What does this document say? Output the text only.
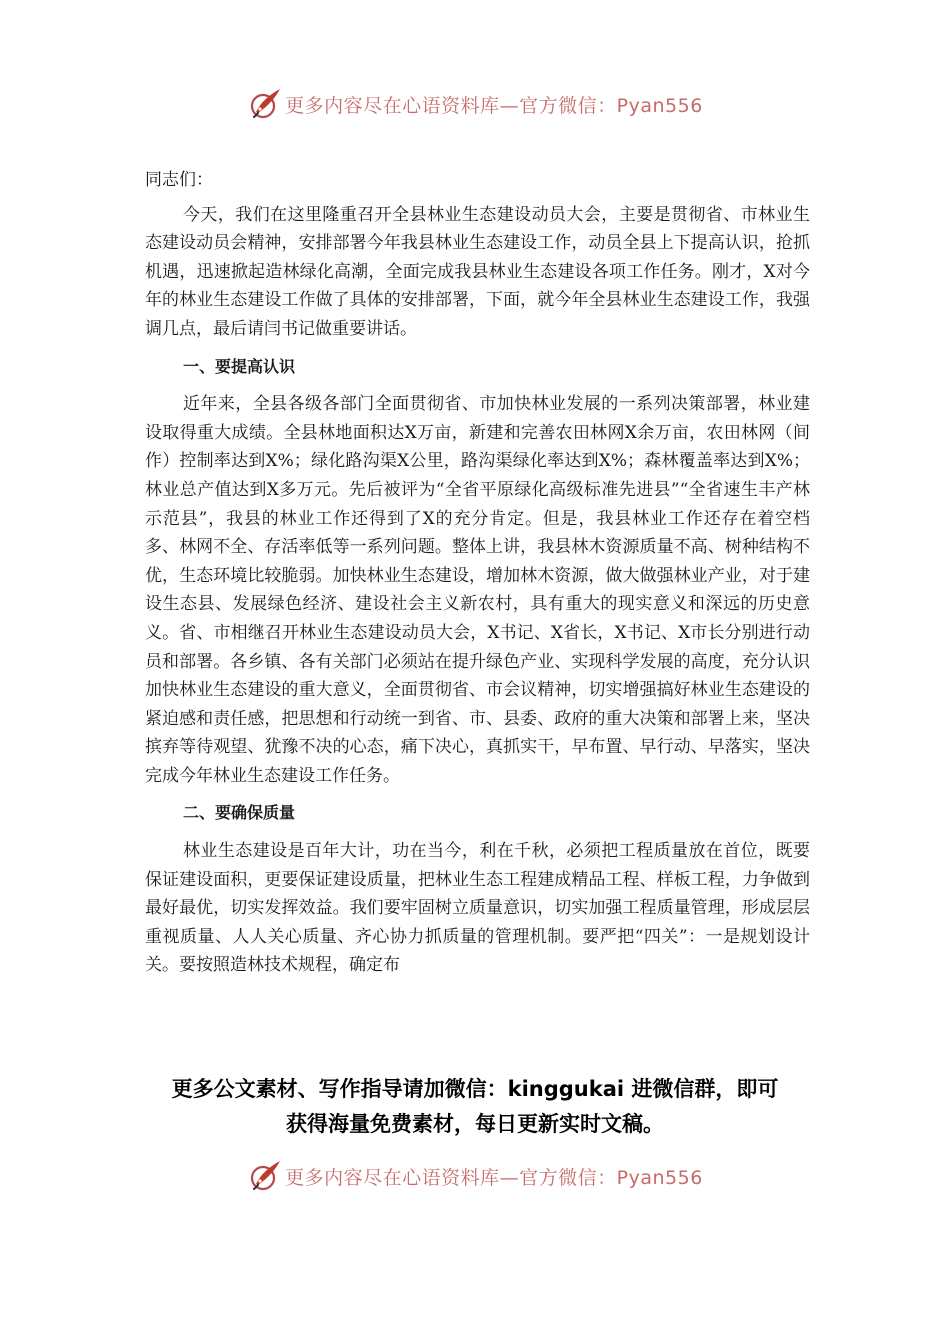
更多内容尽在心语资料库—官方微信：Pyan556

同志们：

今天，我们在这里隆重召开全县林业生态建设动员大会，主要是贯彻省、市林业生态建设动员会精神，安排部署今年我县林业生态建设工作，动员全县上下提高认识，抢抓机遇，迅速掀起造林绿化高潮，全面完成我县林业生态建设各项工作任务。刚才，X对今年的林业生态建设工作做了具体的安排部署，下面，就今年全县林业生态建设工作，我强调几点，最后请闫书记做重要讲话。

一、要提高认识

近年来，全县各级各部门全面贯彻省、市加快林业发展的一系列决策部署，林业建设取得重大成绩。全县林地面积达X万亩，新建和完善农田林网X余万亩，农田林网（间作）控制率达到X%；绿化路沟渠X公里，路沟渠绿化率达到X%；森林覆盖率达到X%；林业总产值达到X多万元。先后被评为“全省平原绿化高级标准先进县”“全省速生丰产林示范县”，我县的林业工作还得到了X的充分肯定。但是，我县林业工作还存在着空档多、林网不全、存活率低等一系列问题。整体上讲，我县林木资源质量不高、树种结构不优，生态环境比较脆弱。加快林业生态建设，增加林木资源，做大做强林业产业，对于建设生态县、发展绿色经济、建设社会主义新农村，具有重大的现实意义和深远的历史意义。省、市相继召开林业生态建设动员大会，X书记、X省长，X书记、X市长分别进行动员和部署。各乡镇、各有关部门必须站在提升绿色产业、实现科学发展的高度，充分认识加快林业生态建设的重大意义，全面贯彻省、市会议精神，切实增强搞好林业生态建设的紧迫感和责任感，把思想和行动统一到省、市、县委、政府的重大决策和部署上来，坚决摈弃等待观望、犹豫不决的心态，痛下决心，真抓实干，早布置、早行动、早落实，坚决完成今年林业生态建设工作任务。

二、要确保质量

林业生态建设是百年大计，功在当今，利在千秋，必须把工程质量放在首位，既要保证建设面积，更要保证建设质量，把林业生态工程建成精品工程、样板工程，力争做到最好最优，切实发挥效益。我们要牢固树立质量意识，切实加强工程质量管理，形成层层重视质量、人人关心质量、齐心协力抓质量的管理机制。要严把“四关”：一是规划设计关。要按照造林技术规程，确定布

更多公文素材、写作指导请加微信：kinggukai 进微信群，即可
获得海量免费素材，每日更新实时文稿。
更多内容尽在心语资料库—官方微信：Pyan556
